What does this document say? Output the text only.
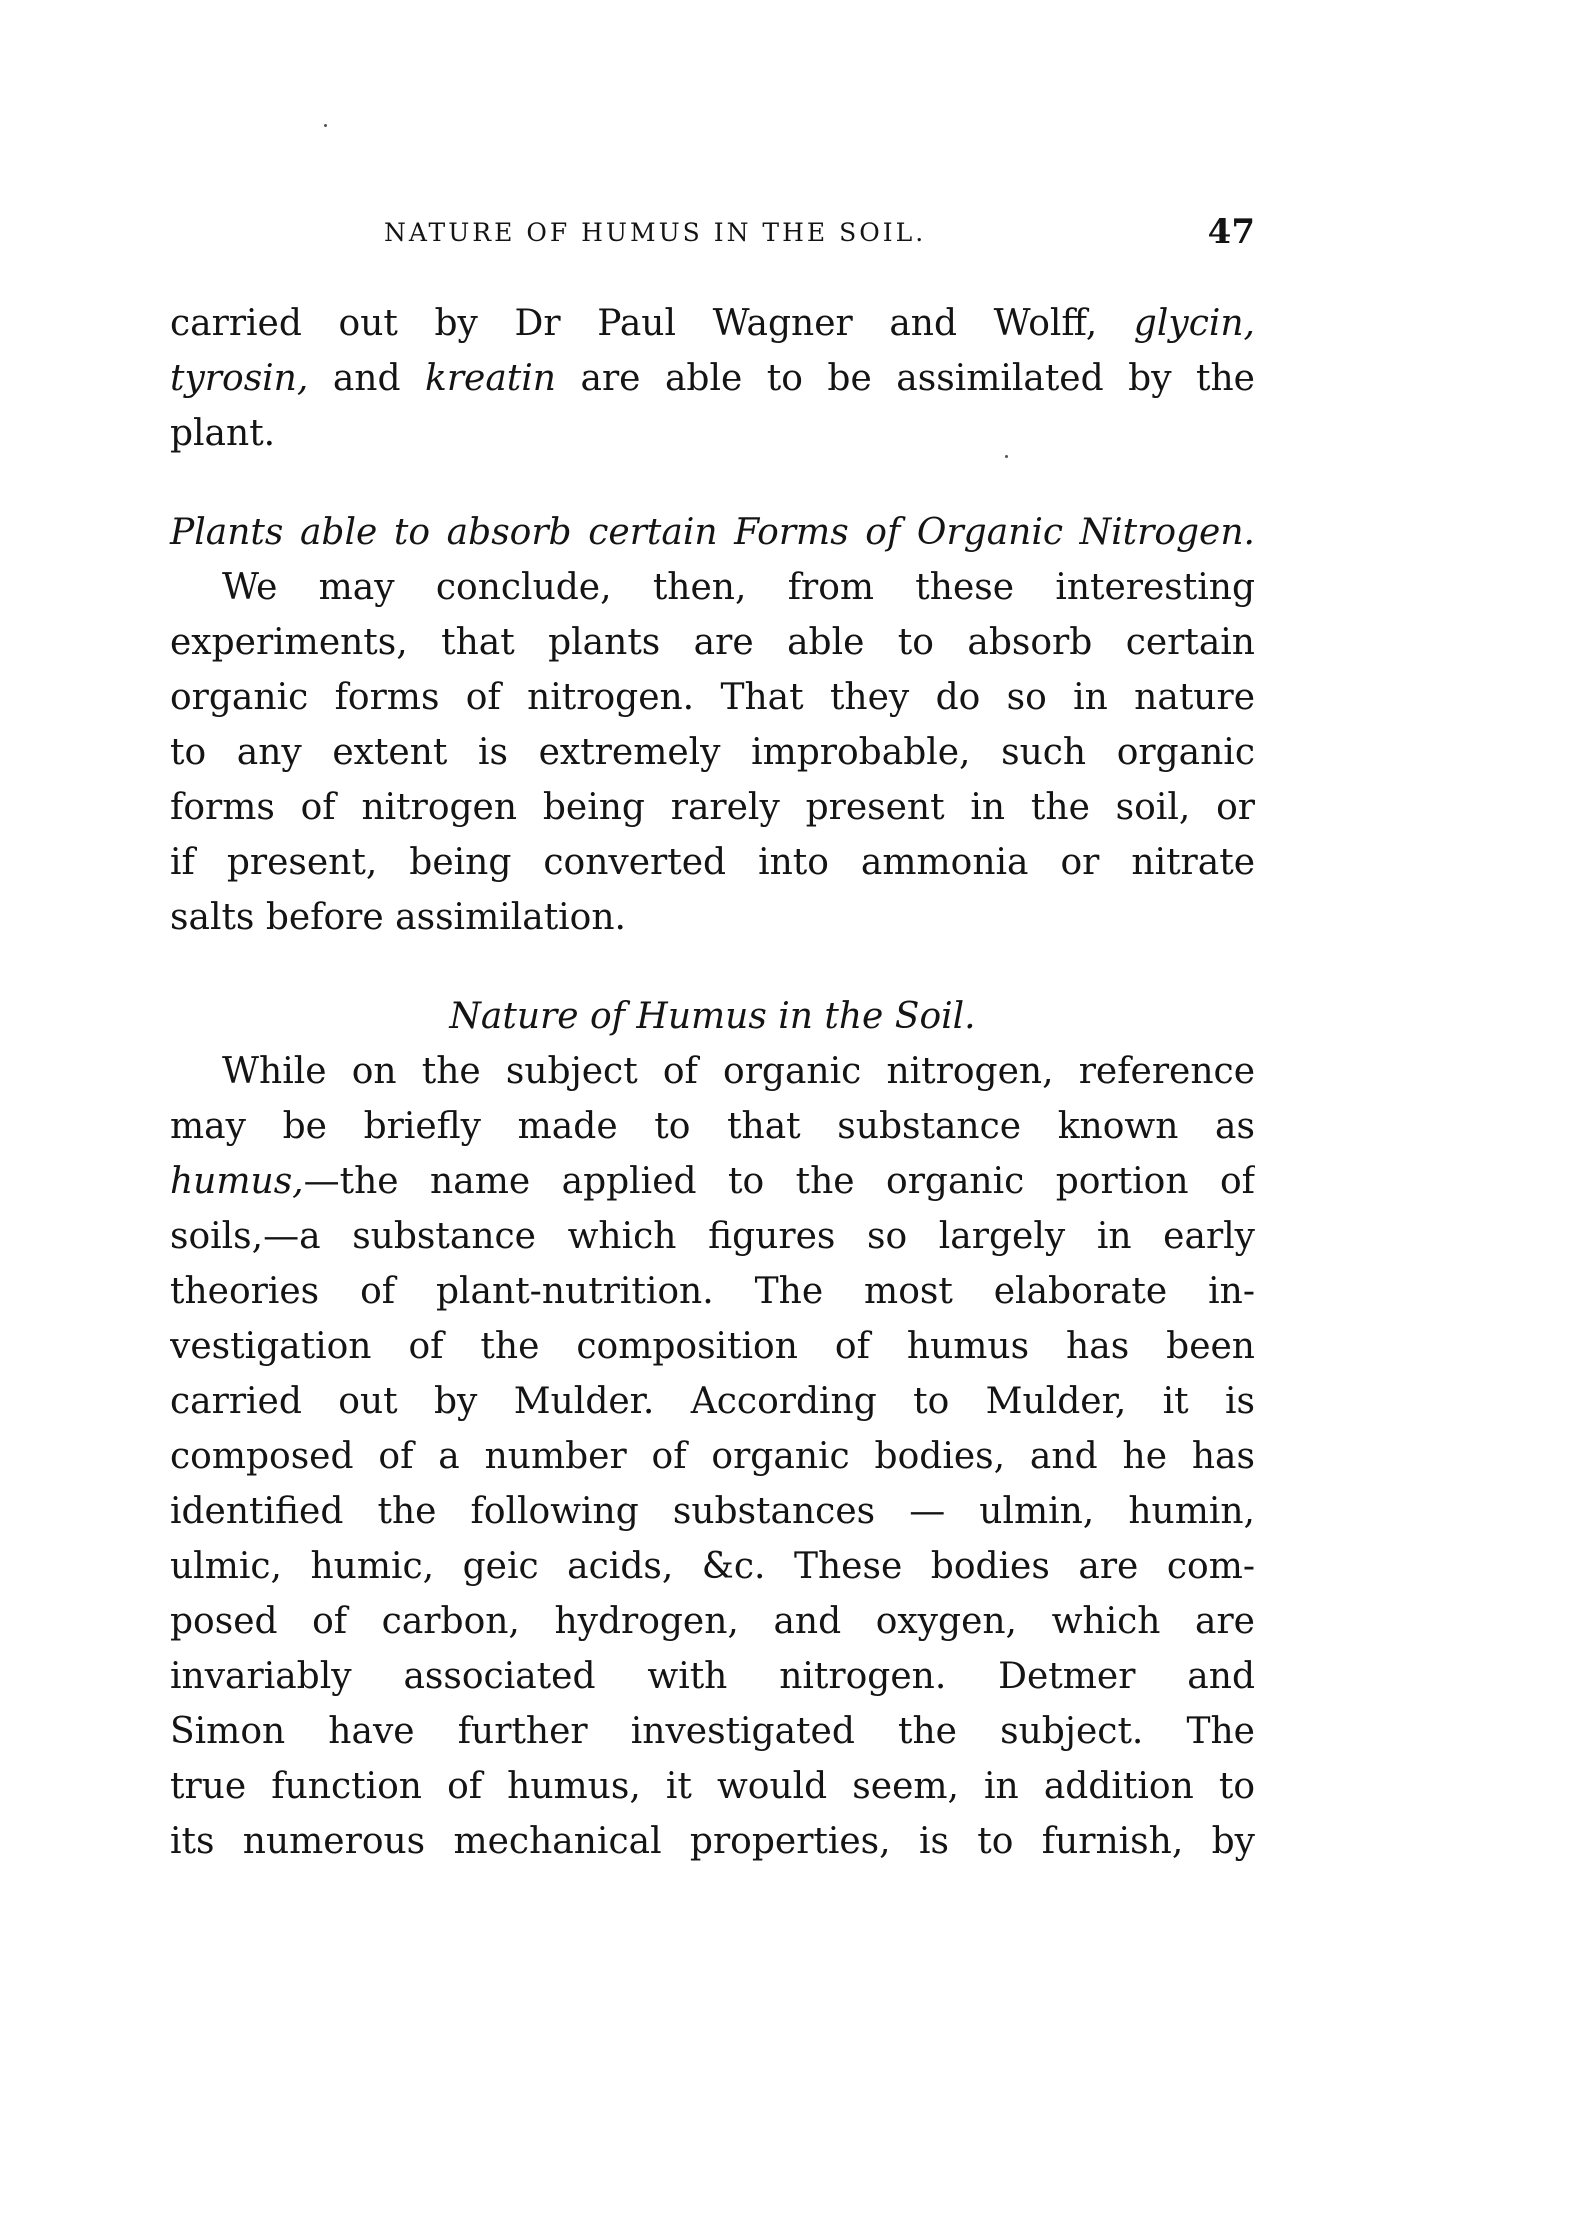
NATURE OF HUMUS IN THE SOIL.	47
carried out by Dr Paul Wagner and Wolff, glycin,
tyrosin, and kreatin are able to be assimilated by the
plant.
Plants able to absorb certain Forms of Organic Nitrogen.
We may conclude, then, from these interesting
experiments, that plants are able to absorb certain
organic forms of nitrogen. That they do so in nature
to any extent is extremely improbable, such organic
forms of nitrogen being rarely present in the soil, or
if present, being converted into ammonia or nitrate
salts before assimilation.
Nature of Humus in the Soil.
While on the subject of organic nitrogen, reference
may be briefly made to that substance known as
humus,—the name applied to the organic portion of
soils,—a substance which figures so largely in early
theories of plant-nutrition. The most elaborate in-
vestigation of the composition of humus has been
carried out by Mulder. According to Mulder, it is
composed of a number of organic bodies, and he has
identified the following substances — ulmin, humin,
ulmic, humic, geic acids, &c. These bodies are com-
posed of carbon, hydrogen, and oxygen, which are
invariably associated with nitrogen. Detmer and
Simon have further investigated the subject. The
true function of humus, it would seem, in addition to
its numerous mechanical properties, is to furnish, by
